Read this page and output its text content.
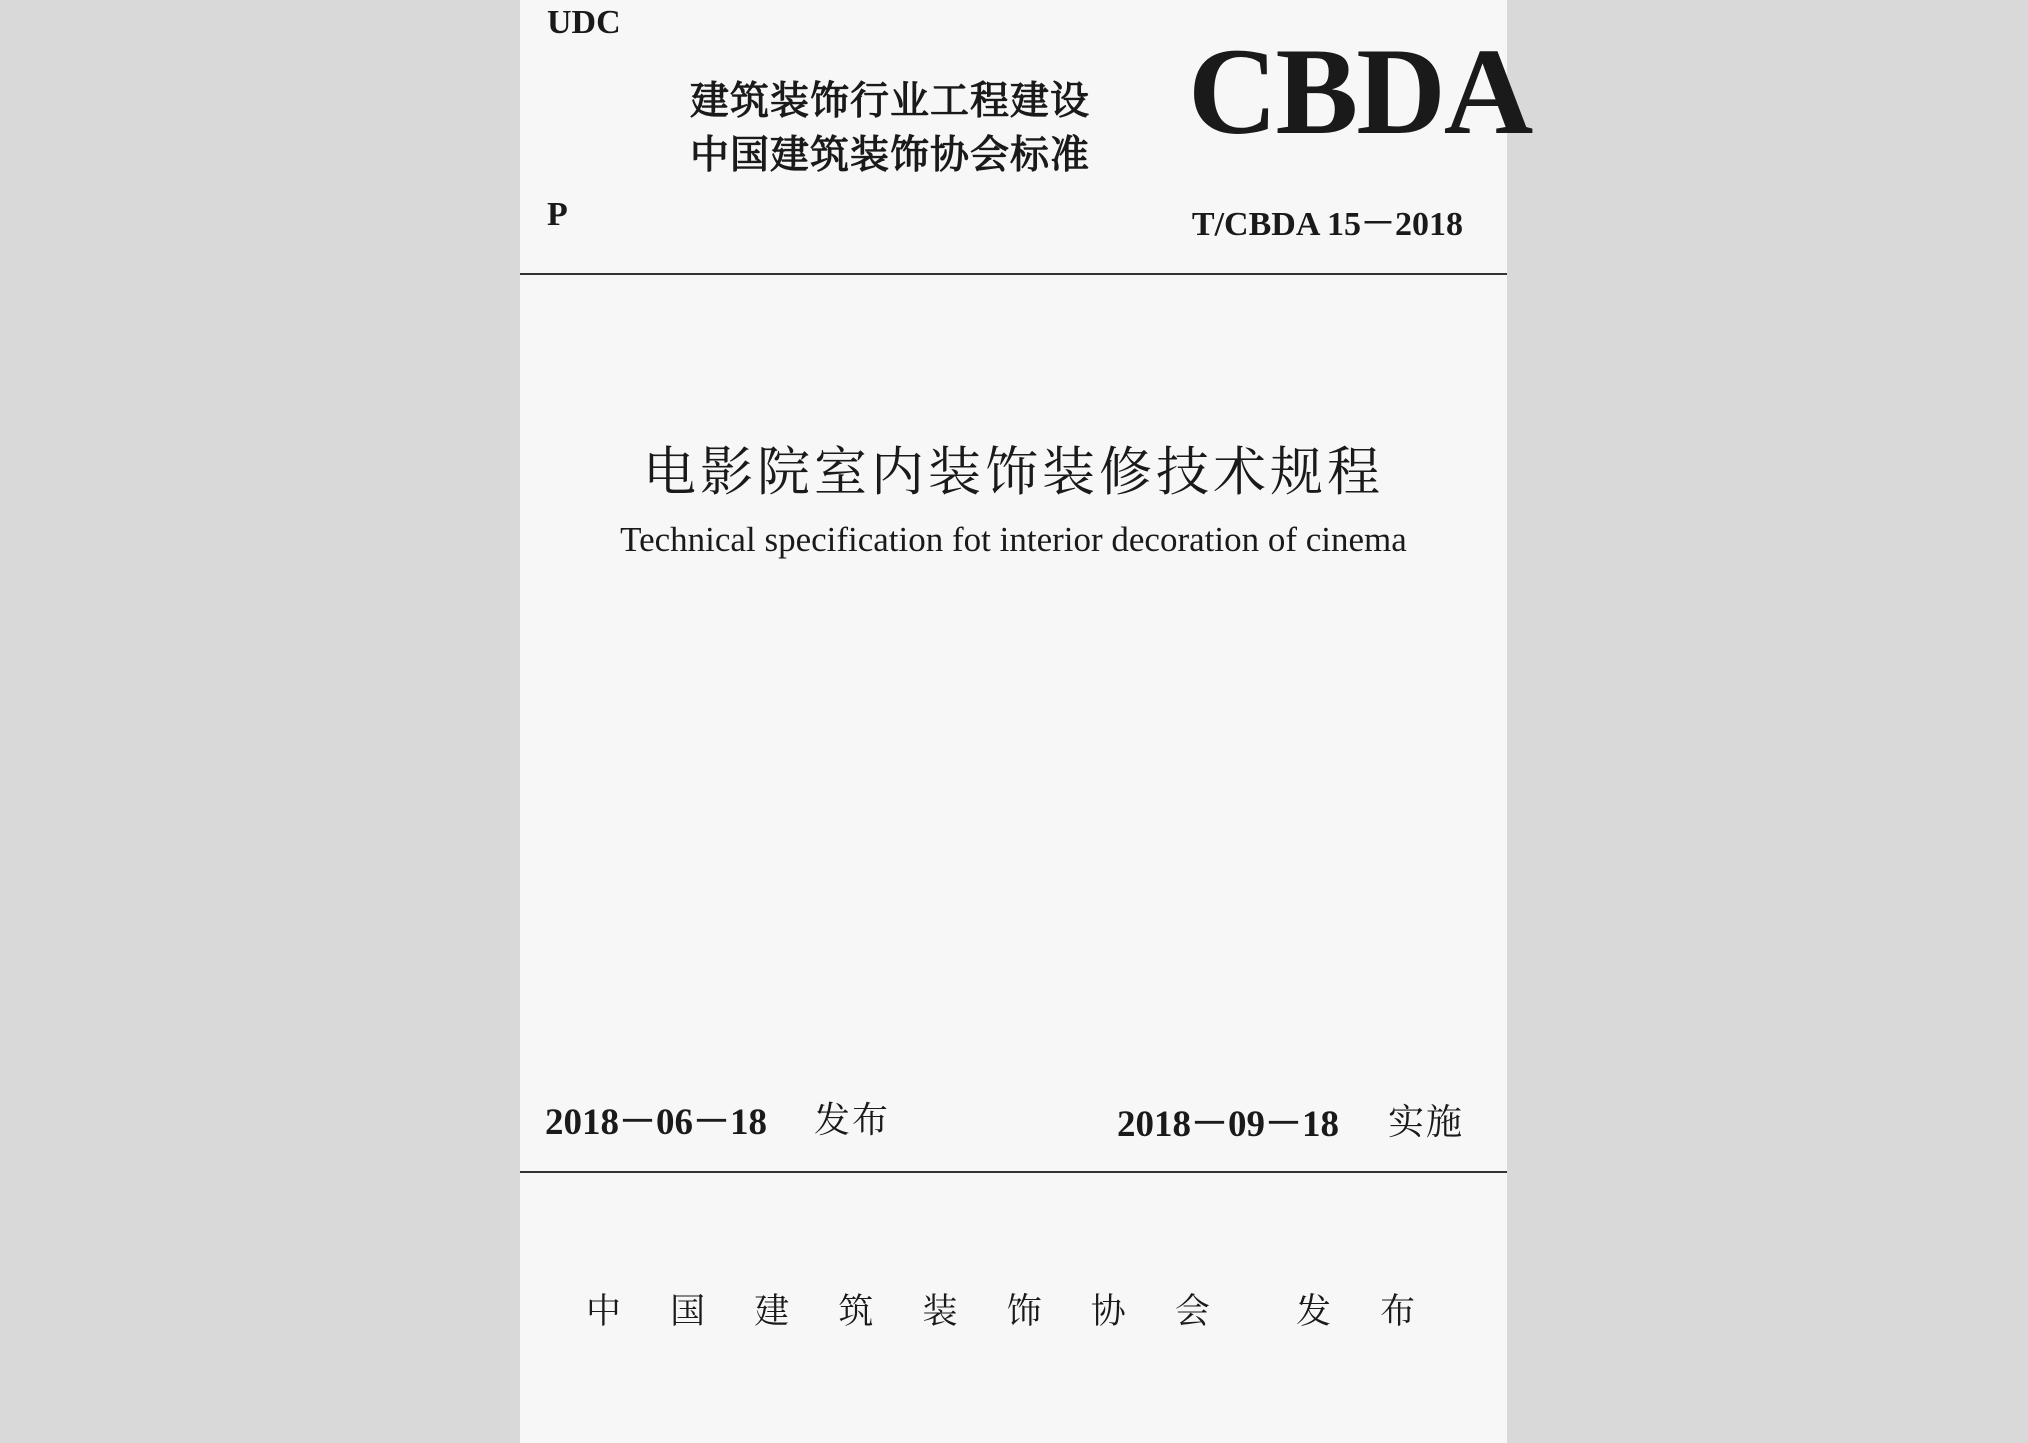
UDC
建筑装饰行业工程建设
中国建筑装饰协会标准 CBDA
P	T/CBDA 15－2018
电影院室内装饰装修技术规程
Technical specification fot interior decoration of cinema
2018－06－18 发布	2018－09－18 实施
中 国 建 筑 装 饰 协 会 发 布
